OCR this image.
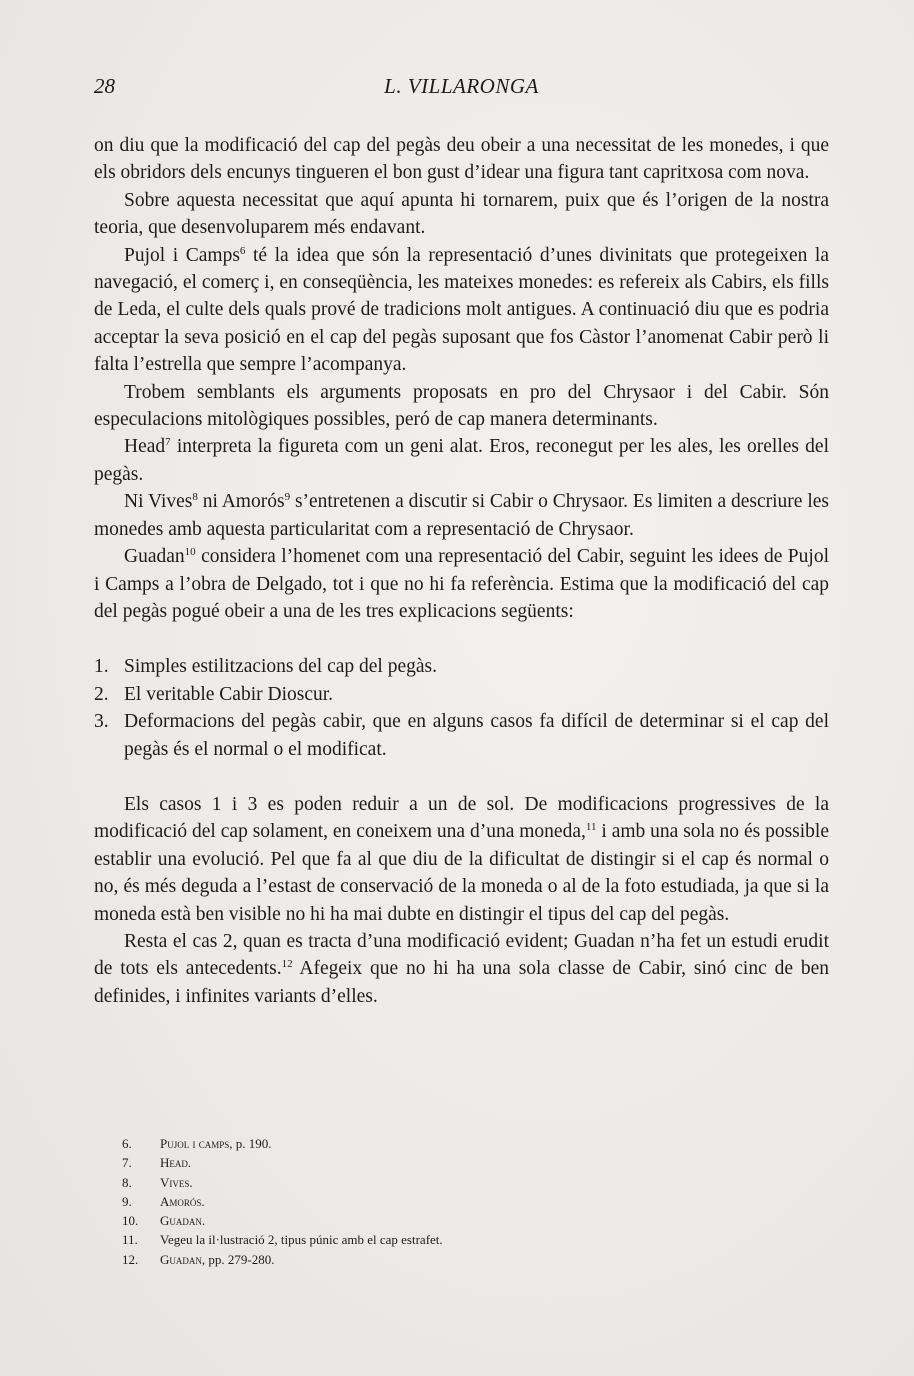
28	L. VILLARONGA

on diu que la modificació del cap del pegàs deu obeir a una necessitat de les monedes, i que els obridors dels encunys tingueren el bon gust d’idear una figura tant capritxosa com nova.

Sobre aquesta necessitat que aquí apunta hi tornarem, puix que és l’origen de la nostra teoria, que desenvoluparem més endavant.

Pujol i Camps$^6$ té la idea que són la representació d’unes divinitats que protegeixen la navegació, el comerç i, en conseqüència, les mateixes monedes: es refereix als Cabirs, els fills de Leda, el culte dels quals prové de tradicions molt antigues. A continuació diu que es podria acceptar la seva posició en el cap del pegàs suposant que fos Càstor l’anomenat Cabir però li falta l’estrella que sempre l’acompanya.

Trobem semblants els arguments proposats en pro del Chrysaor i del Cabir. Són especulacions mitològiques possibles, peró de cap manera determinants.

Head$^7$ interpreta la figureta com un geni alat. Eros, reconegut per les ales, les orelles del pegàs.

Ni Vives$^8$ ni Amorós$^9$ s’entretenen a discutir si Cabir o Chrysaor. Es limiten a descriure les monedes amb aquesta particularitat com a representació de Chrysaor.

Guadan$^{10}$ considera l’homenet com una representació del Cabir, seguint les idees de Pujol i Camps a l’obra de Delgado, tot i que no hi fa referència. Estima que la modificació del cap del pegàs pogué obeir a una de les tres explicacions següents:

1. Simples estilitzacions del cap del pegàs.
2. El veritable Cabir Dioscur.
3. Deformacions del pegàs cabir, que en alguns casos fa difícil de determinar si el cap del pegàs és el normal o el modificat.

Els casos 1 i 3 es poden reduir a un de sol. De modificacions progressives de la modificació del cap solament, en coneixem una d’una moneda,$^{11}$ i amb una sola no és possible establir una evolució. Pel que fa al que diu de la dificultat de distingir si el cap és normal o no, és més deguda a l’estast de conservació de la moneda o al de la foto estudiada, ja que si la moneda està ben visible no hi ha mai dubte en distingir el tipus del cap del pegàs.

Resta el cas 2, quan es tracta d’una modificació evident; Guadan n’ha fet un estudi erudit de tots els antecedents.$^{12}$ Afegeix que no hi ha una sola classe de Cabir, sinó cinc de ben definides, i infinites variants d’elles.

6.	Pujol i camps, p. 190.
7.	Head.
8.	Vives.
9.	Amorós.
10.	Guadan.
11.	Vegeu la il·lustració 2, tipus púnic amb el cap estrafet.
12.	Guadan, pp. 279-280.
